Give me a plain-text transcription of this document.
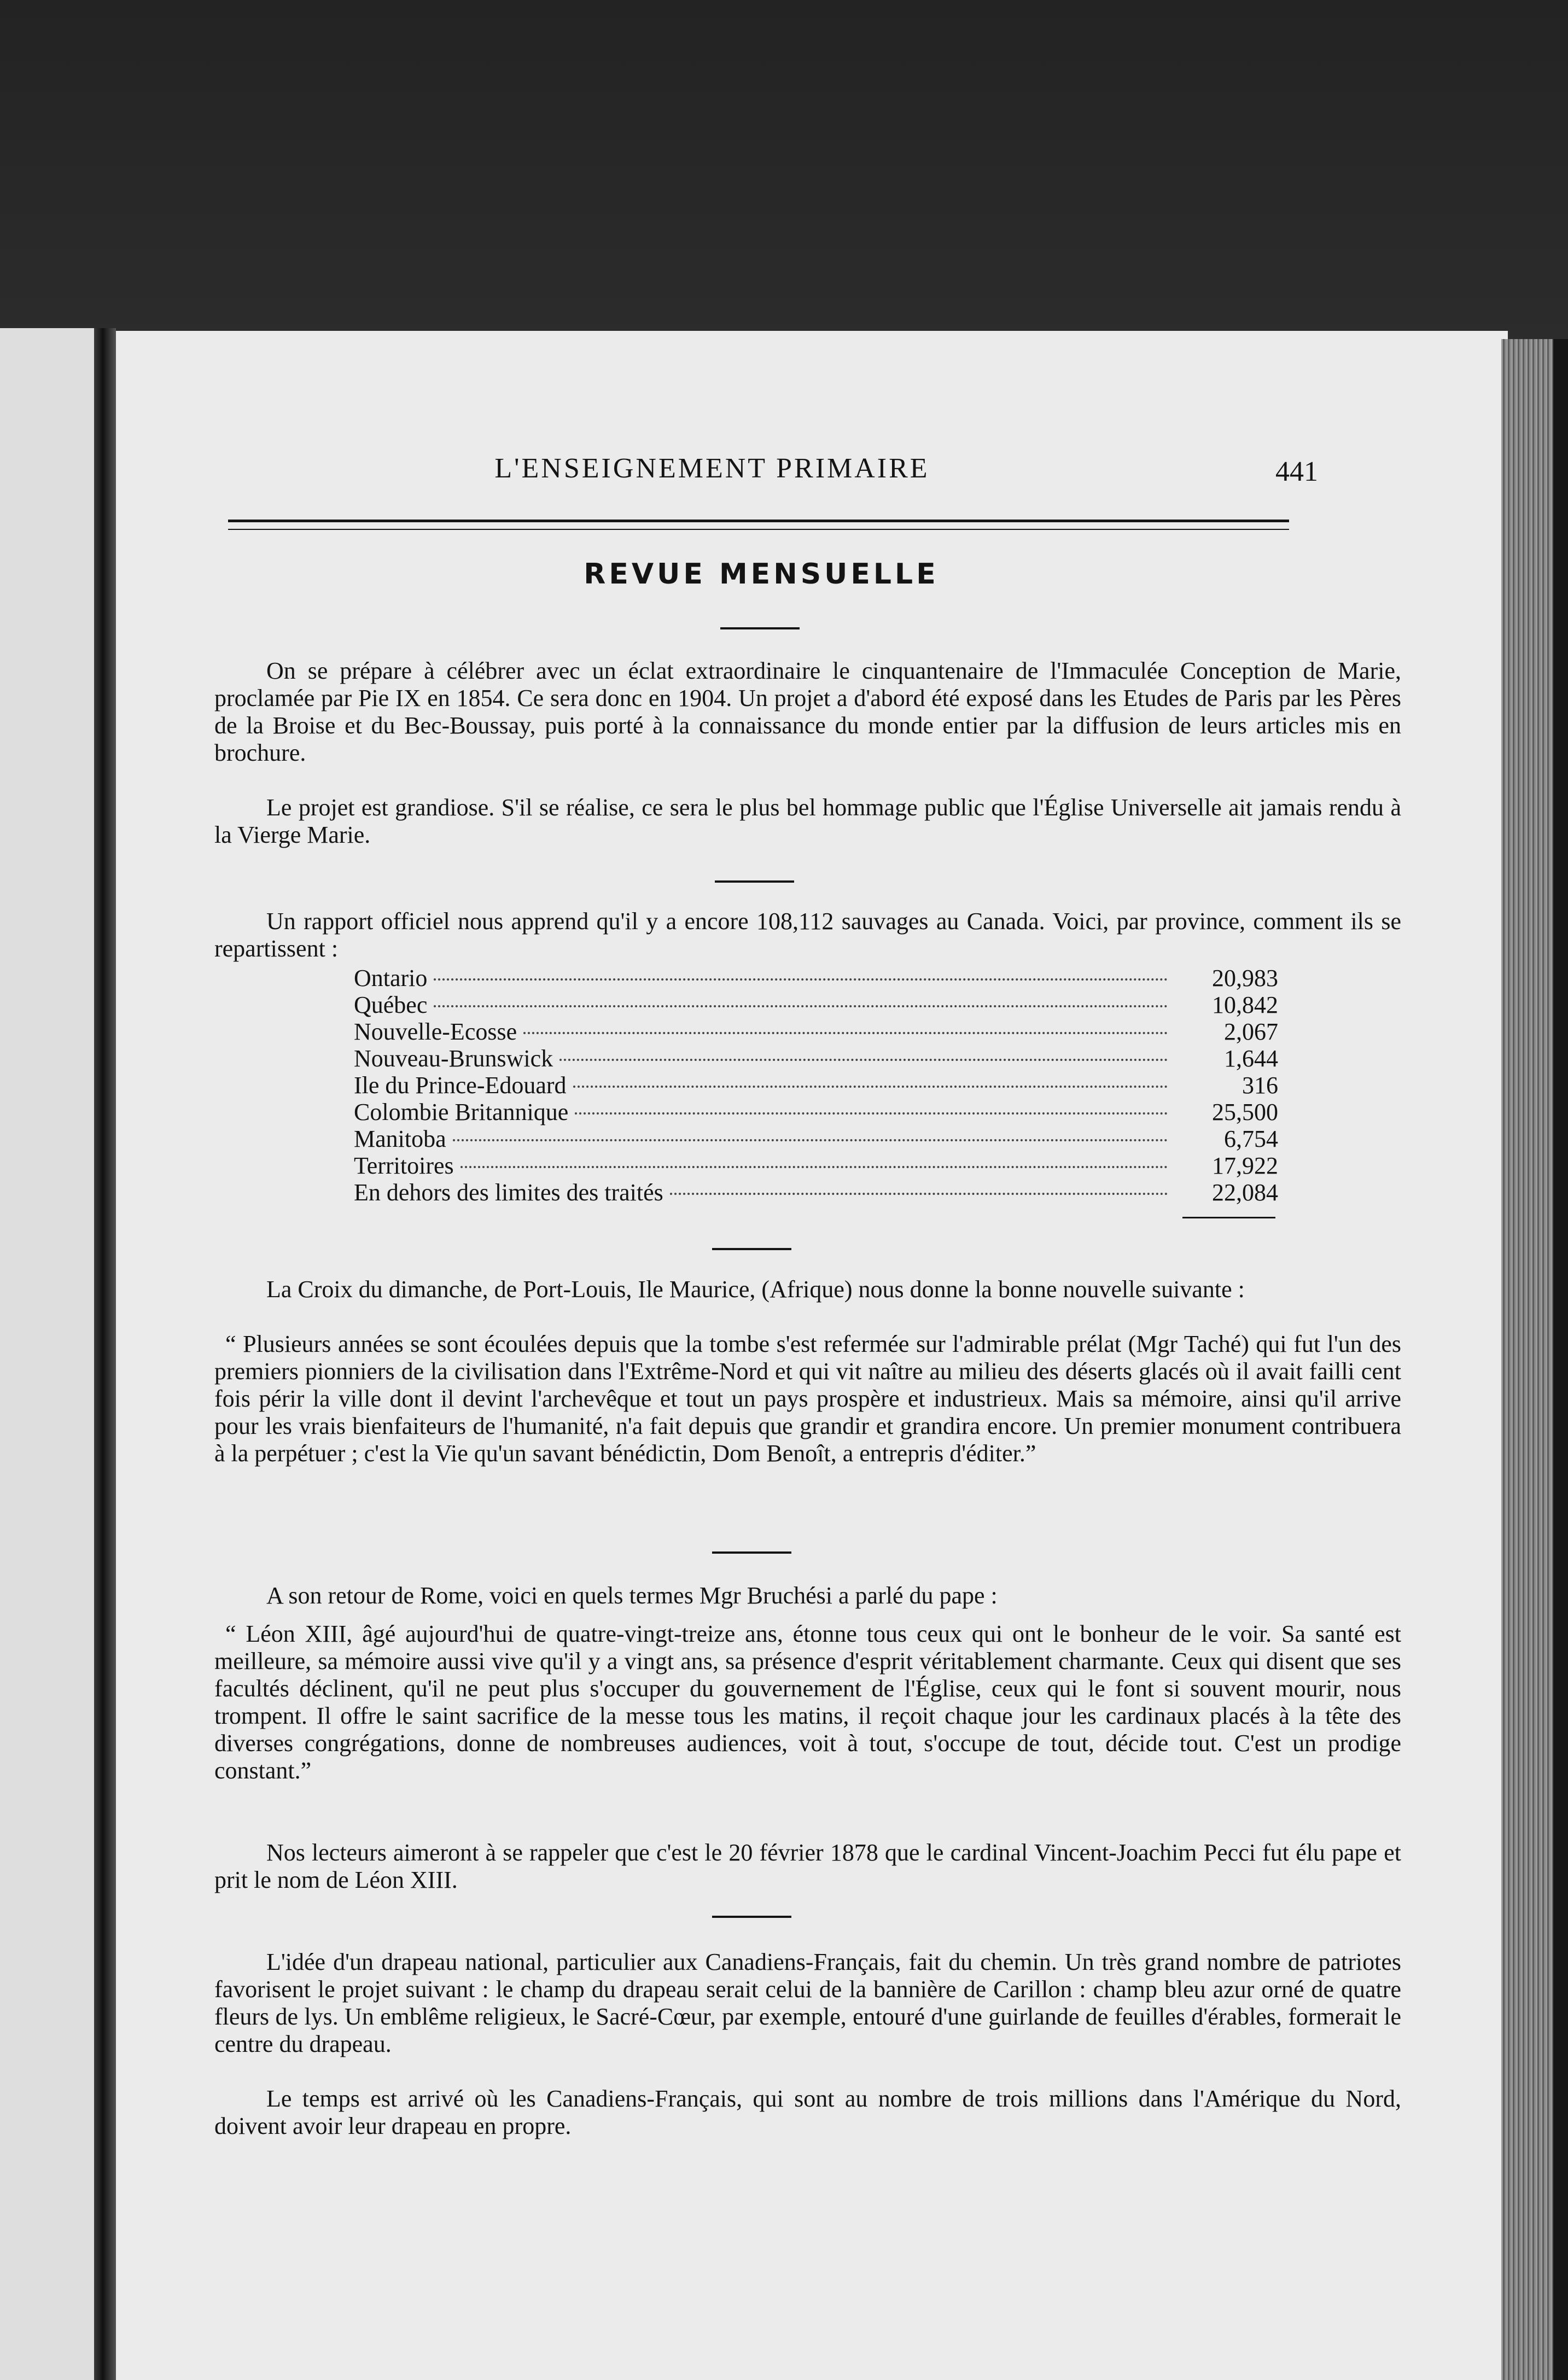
L'ENSEIGNEMENT PRIMAIRE	441
REVUE MENSUELLE

On se prépare à célébrer avec un éclat extraordinaire le cinquantenaire de l'Immaculée Conception de Marie, proclamée par Pie IX en 1854. Ce sera donc en 1904. Un projet a d'abord été exposé dans les Etudes de Paris par les Pères de la Broise et du Bec-Boussay, puis porté à la connaissance du monde entier par la diffusion de leurs articles mis en brochure.

Le projet est grandiose. S'il se réalise, ce sera le plus bel hommage public que l'Église Universelle ait jamais rendu à la Vierge Marie.

Un rapport officiel nous apprend qu'il y a encore 108,112 sauvages au Canada. Voici, par province, comment ils se repartissent :

Ontario	20,983
Québec	10,842
Nouvelle-Ecosse	2,067
Nouveau-Brunswick	1,644
Ile du Prince-Edouard	316
Colombie Britannique	25,500
Manitoba	6,754
Territoires	17,922
En dehors des limites des traités	22,084

La Croix du dimanche, de Port-Louis, Ile Maurice, (Afrique) nous donne la bonne nouvelle suivante :

“ Plusieurs années se sont écoulées depuis que la tombe s'est refermée sur l'admirable prélat (Mgr Taché) qui fut l'un des premiers pionniers de la civilisation dans l'Extrême-Nord et qui vit naître au milieu des déserts glacés où il avait failli cent fois périr la ville dont il devint l'archevêque et tout un pays prospère et industrieux. Mais sa mémoire, ainsi qu'il arrive pour les vrais bienfaiteurs de l'humanité, n'a fait depuis que grandir et grandira encore. Un premier monument contribuera à la perpétuer ; c'est la Vie qu'un savant bénédictin, Dom Benoît, a entrepris d'éditer.”

A son retour de Rome, voici en quels termes Mgr Bruchési a parlé du pape :

“ Léon XIII, âgé aujourd'hui de quatre-vingt-treize ans, étonne tous ceux qui ont le bonheur de le voir. Sa santé est meilleure, sa mémoire aussi vive qu'il y a vingt ans, sa présence d'esprit véritablement charmante. Ceux qui disent que ses facultés déclinent, qu'il ne peut plus s'occuper du gouvernement de l'Église, ceux qui le font si souvent mourir, nous trompent. Il offre le saint sacrifice de la messe tous les matins, il reçoit chaque jour les cardinaux placés à la tête des diverses congrégations, donne de nombreuses audiences, voit à tout, s'occupe de tout, décide tout. C'est un prodige constant.”

Nos lecteurs aimeront à se rappeler que c'est le 20 février 1878 que le cardinal Vincent-Joachim Pecci fut élu pape et prit le nom de Léon XIII.

L'idée d'un drapeau national, particulier aux Canadiens-Français, fait du chemin. Un très grand nombre de patriotes favorisent le projet suivant : le champ du drapeau serait celui de la bannière de Carillon : champ bleu azur orné de quatre fleurs de lys. Un emblême religieux, le Sacré-Cœur, par exemple, entouré d'une guirlande de feuilles d'érables, formerait le centre du drapeau.

Le temps est arrivé où les Canadiens-Français, qui sont au nombre de trois millions dans l'Amérique du Nord, doivent avoir leur drapeau en propre.
